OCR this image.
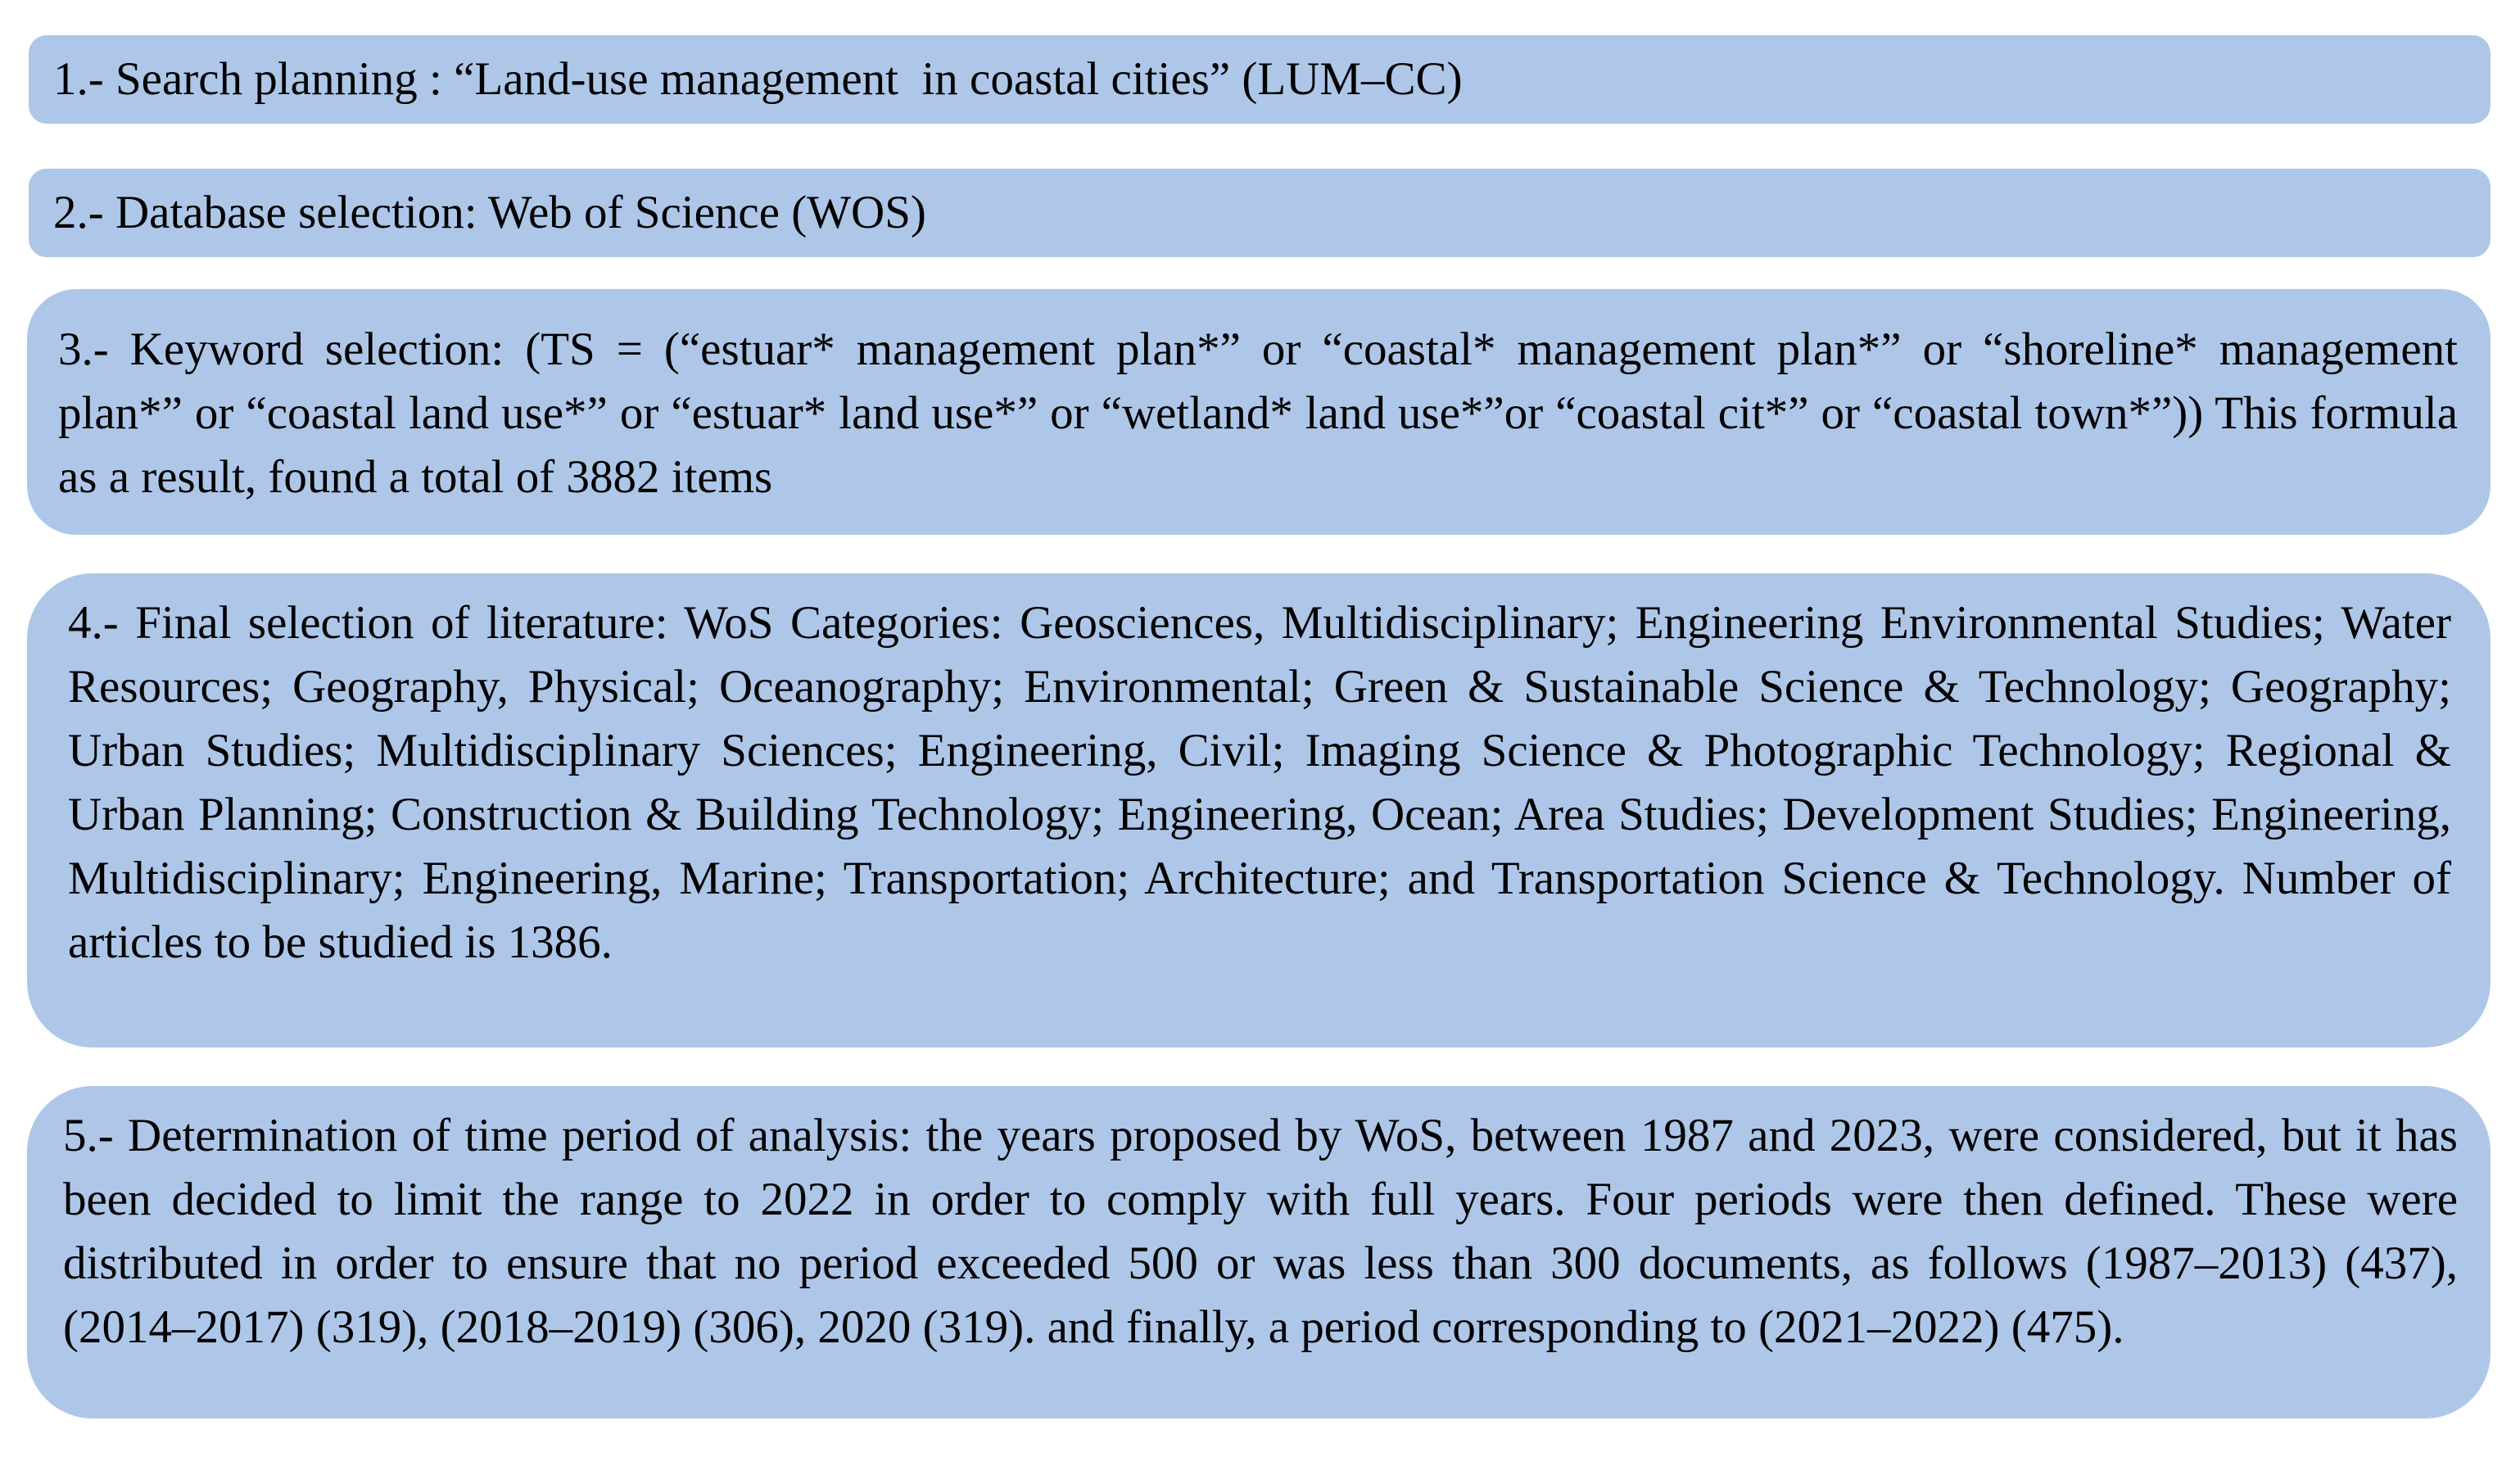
1.- Search planning : “Land-use management  in coastal cities” (LUM–CC)
2.- Database selection: Web of Science (WOS)
3.- Keyword selection: (TS = (“estuar* management plan*” or “coastal* management plan*” or “shoreline* management plan*” or “coastal land use*” or “estuar* land use*” or “wetland* land use*”or “coastal cit*” or “coastal town*”)) This formula as a result, found a total of 3882 items
4.- Final selection of literature: WoS Categories: Geosciences, Multidisciplinary; Engineering Environmental Studies; Water Resources; Geography, Physical; Oceanography; Environmental; Green & Sustainable Science & Technology; Geography; Urban Studies; Multidisciplinary Sciences; Engineering, Civil; Imaging Science & Photographic Technology; Regional & Urban Planning; Construction & Building Technology; Engineering, Ocean; Area Studies; Development Studies; Engineering, Multidisciplinary; Engineering, Marine; Transportation; Architecture; and Transportation Science & Technology. Number of articles to be studied is 1386.
5.- Determination of time period of analysis: the years proposed by WoS, between 1987 and 2023, were considered, but it has been decided to limit the range to 2022 in order to comply with full years. Four periods were then defined. These were distributed in order to ensure that no period exceeded 500 or was less than 300 documents, as follows (1987–2013) (437), (2014–2017) (319), (2018–2019) (306), 2020 (319). and finally, a period corresponding to (2021–2022) (475).
